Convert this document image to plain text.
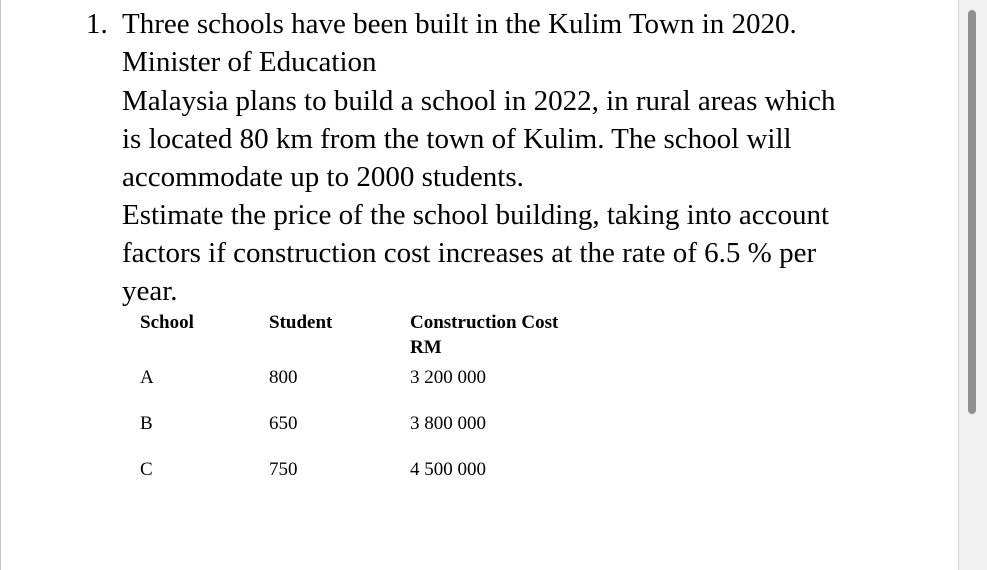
1. Three schools have been built in the Kulim Town in 2020.
Minister of Education
Malaysia plans to build a school in 2022, in rural areas which
is located 80 km from the town of Kulim. The school will
accommodate up to 2000 students.
Estimate the price of the school building, taking into account
factors if construction cost increases at the rate of 6.5 % per
year.
School	Student	Construction Cost
RM
A	800	3 200 000
B	650	3 800 000
C	750	4 500 000
